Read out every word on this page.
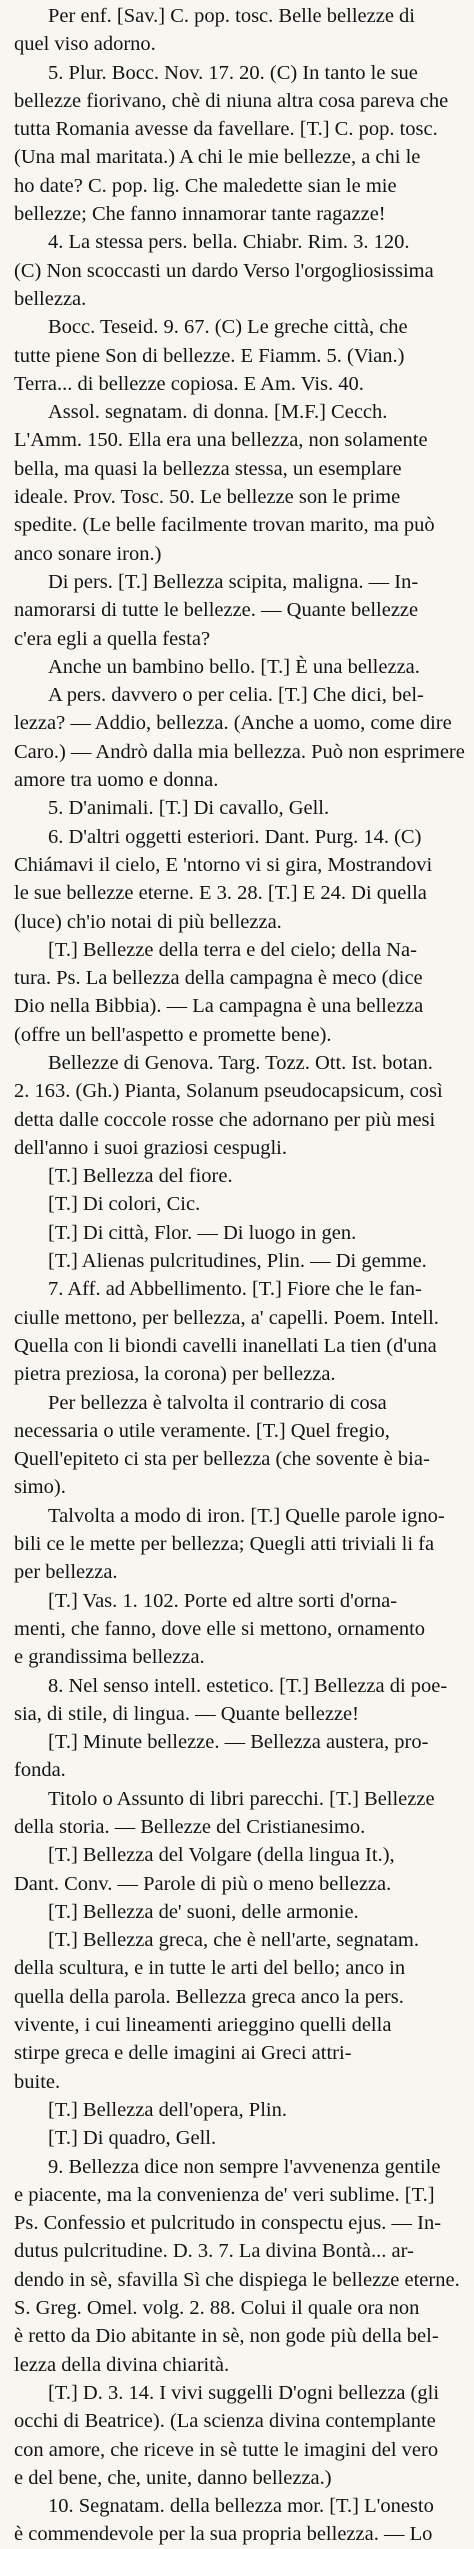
Per enf. [Sav.] C. pop. tosc. Belle bellezze di
quel viso adorno.
5. Plur. Bocc. Nov. 17. 20. (C) In tanto le sue
bellezze fiorivano, chè di niuna altra cosa pareva che
tutta Romania avesse da favellare. [T.] C. pop. tosc.
(Una mal maritata.) A chi le mie bellezze, a chi le
ho date? C. pop. lig. Che maledette sian le mie
bellezze; Che fanno innamorar tante ragazze!
4. La stessa pers. bella. Chiabr. Rim. 3. 120.
(C) Non scoccasti un dardo Verso l'orgogliosissima
bellezza.
Bocc. Teseid. 9. 67. (C) Le greche città, che
tutte piene Son di bellezze. E Fiamm. 5. (Vian.)
Terra... di bellezze copiosa. E Am. Vis. 40.
Assol. segnatam. di donna. [M.F.] Cecch.
L'Amm. 150. Ella era una bellezza, non solamente
bella, ma quasi la bellezza stessa, un esemplare
ideale. Prov. Tosc. 50. Le bellezze son le prime
spedite. (Le belle facilmente trovan marito, ma può
anco sonare iron.)
Di pers. [T.] Bellezza scipita, maligna. — In-
namorarsi di tutte le bellezze. — Quante bellezze
c'era egli a quella festa?
Anche un bambino bello. [T.] È una bellezza.
A pers. davvero o per celia. [T.] Che dici, bel-
lezza? — Addio, bellezza. (Anche a uomo, come dire
Caro.) — Andrò dalla mia bellezza. Può non esprimere
amore tra uomo e donna.
5. D'animali. [T.] Di cavallo, Gell.
6. D'altri oggetti esteriori. Dant. Purg. 14. (C)
Chiámavi il cielo, E 'ntorno vi si gira, Mostrandovi
le sue bellezze eterne. E 3. 28. [T.] E 24. Di quella
(luce) ch'io notai di più bellezza.
[T.] Bellezze della terra e del cielo; della Na-
tura. Ps. La bellezza della campagna è meco (dice
Dio nella Bibbia). — La campagna è una bellezza
(offre un bell'aspetto e promette bene).
Bellezze di Genova. Targ. Tozz. Ott. Ist. botan.
2. 163. (Gh.) Pianta, Solanum pseudocapsicum, così
detta dalle coccole rosse che adornano per più mesi
dell'anno i suoi graziosi cespugli.
[T.] Bellezza del fiore.
[T.] Di colori, Cic.
[T.] Di città, Flor. — Di luogo in gen.
[T.] Alienas pulcritudines, Plin. — Di gemme.
7. Aff. ad Abbellimento. [T.] Fiore che le fan-
ciulle mettono, per bellezza, a' capelli. Poem. Intell.
Quella con li biondi cavelli inanellati La tien (d'una
pietra preziosa, la corona) per bellezza.
Per bellezza è talvolta il contrario di cosa
necessaria o utile veramente. [T.] Quel fregio,
Quell'epiteto ci sta per bellezza (che sovente è bia-
simo).
Talvolta a modo di iron. [T.] Quelle parole igno-
bili ce le mette per bellezza; Quegli atti triviali li fa
per bellezza.
[T.] Vas. 1. 102. Porte ed altre sorti d'orna-
menti, che fanno, dove elle si mettono, ornamento
e grandissima bellezza.
8. Nel senso intell. estetico. [T.] Bellezza di poe-
sia, di stile, di lingua. — Quante bellezze!
[T.] Minute bellezze. — Bellezza austera, pro-
fonda.
Titolo o Assunto di libri parecchi. [T.] Bellezze
della storia. — Bellezze del Cristianesimo.
[T.] Bellezza del Volgare (della lingua It.),
Dant. Conv. — Parole di più o meno bellezza.
[T.] Bellezza de' suoni, delle armonie.
[T.] Bellezza greca, che è nell'arte, segnatam.
della scultura, e in tutte le arti del bello; anco in
quella della parola. Bellezza greca anco la pers.
vivente, i cui lineamenti arieggino quelli della
stirpe greca e delle imagini ai Greci attri-
buite.
[T.] Bellezza dell'opera, Plin.
[T.] Di quadro, Gell.
9. Bellezza dice non sempre l'avvenenza gentile
e piacente, ma la convenienza de' veri sublime. [T.]
Ps. Confessio et pulcritudo in conspectu ejus. — In-
dutus pulcritudine. D. 3. 7. La divina Bontà... ar-
dendo in sè, sfavilla Sì che dispiega le bellezze eterne.
S. Greg. Omel. volg. 2. 88. Colui il quale ora non
è retto da Dio abitante in sè, non gode più della bel-
lezza della divina chiarità.
[T.] D. 3. 14. I vivi suggelli D'ogni bellezza (gli
occhi di Beatrice). (La scienza divina contemplante
con amore, che riceve in sè tutte le imagini del vero
e del bene, che, unite, danno bellezza.)
10. Segnatam. della bellezza mor. [T.] L'onesto
è commendevole per la sua propria bellezza. — Lo
